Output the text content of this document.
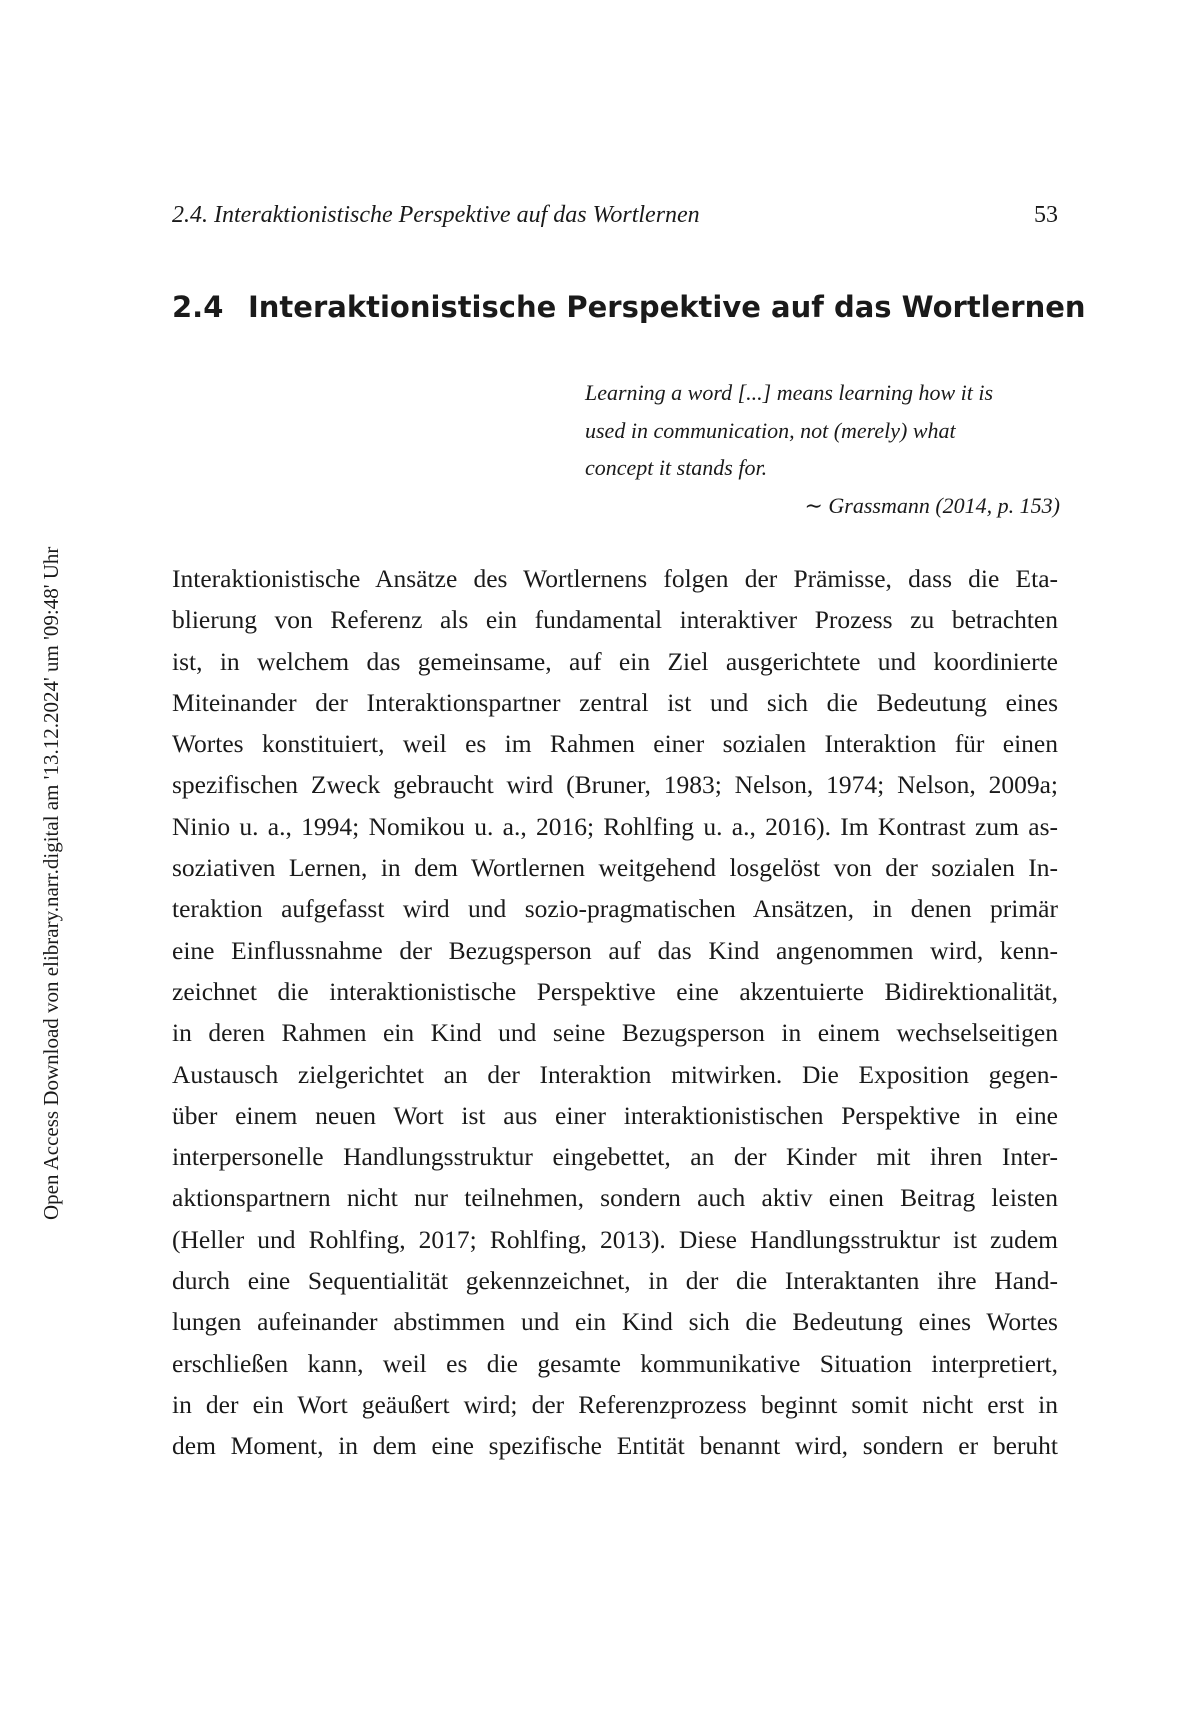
2.4. Interaktionistische Perspektive auf das Wortlernen	53
2.4 Interaktionistische Perspektive auf das Wortlernen
Learning a word [...] means learning how it is
used in communication, not (merely) what
concept it stands for.
∼ Grassmann (2014, p. 153)
Interaktionistische Ansätze des Wortlernens folgen der Prämisse, dass die Eta-
blierung von Referenz als ein fundamental interaktiver Prozess zu betrachten
ist, in welchem das gemeinsame, auf ein Ziel ausgerichtete und koordinierte
Miteinander der Interaktionspartner zentral ist und sich die Bedeutung eines
Wortes konstituiert, weil es im Rahmen einer sozialen Interaktion für einen
spezifischen Zweck gebraucht wird (Bruner, 1983; Nelson, 1974; Nelson, 2009a;
Ninio u. a., 1994; Nomikou u. a., 2016; Rohlfing u. a., 2016). Im Kontrast zum as-
soziativen Lernen, in dem Wortlernen weitgehend losgelöst von der sozialen In-
teraktion aufgefasst wird und sozio-pragmatischen Ansätzen, in denen primär
eine Einflussnahme der Bezugsperson auf das Kind angenommen wird, kenn-
zeichnet die interaktionistische Perspektive eine akzentuierte Bidirektionalität,
in deren Rahmen ein Kind und seine Bezugsperson in einem wechselseitigen
Austausch zielgerichtet an der Interaktion mitwirken. Die Exposition gegen-
über einem neuen Wort ist aus einer interaktionistischen Perspektive in eine
interpersonelle Handlungsstruktur eingebettet, an der Kinder mit ihren Inter-
aktionspartnern nicht nur teilnehmen, sondern auch aktiv einen Beitrag leisten
(Heller und Rohlfing, 2017; Rohlfing, 2013). Diese Handlungsstruktur ist zudem
durch eine Sequentialität gekennzeichnet, in der die Interaktanten ihre Hand-
lungen aufeinander abstimmen und ein Kind sich die Bedeutung eines Wortes
erschließen kann, weil es die gesamte kommunikative Situation interpretiert,
in der ein Wort geäußert wird; der Referenzprozess beginnt somit nicht erst in
dem Moment, in dem eine spezifische Entität benannt wird, sondern er beruht
Open Access Download von elibrary.narr.digital am '13.12.2024' um '09:48' Uhr
